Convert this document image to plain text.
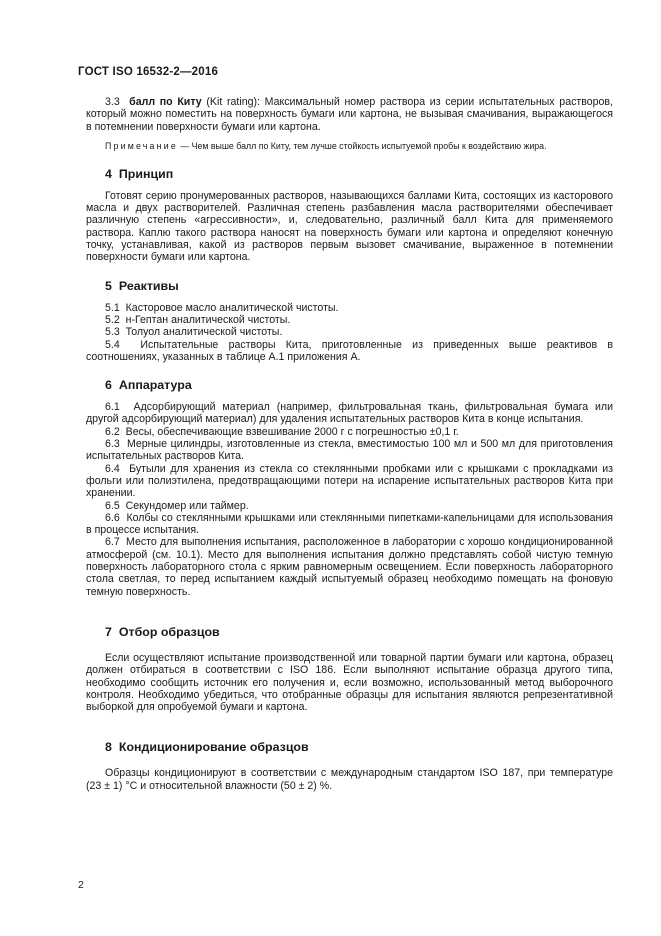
ГОСТ ISO 16532-2—2016

3.3 балл по Киту (Kit rating): Максимальный номер раствора из серии испытательных растворов, который можно поместить на поверхность бумаги или картона, не вызывая смачивания, выражающегося в потемнении поверхности бумаги или картона.

Примечание — Чем выше балл по Киту, тем лучше стойкость испытуемой пробы к воздействию жира.

4 Принцип

Готовят серию пронумерованных растворов, называющихся баллами Кита, состоящих из касторового масла и двух растворителей. Различная степень разбавления масла растворителями обеспечивает различную степень «агрессивности», и, следовательно, различный балл Кита для применяемого раствора. Каплю такого раствора наносят на поверхность бумаги или картона и определяют конечную точку, устанавливая, какой из растворов первым вызовет смачивание, выраженное в потемнении поверхности бумаги или картона.

5 Реактивы

5.1 Касторовое масло аналитической чистоты.

5.2 н-Гептан аналитической чистоты.

5.3 Толуол аналитической чистоты.

5.4 Испытательные растворы Кита, приготовленные из приведенных выше реактивов в соотношениях, указанных в таблице А.1 приложения А.

6 Аппаратура

6.1 Адсорбирующий материал (например, фильтровальная ткань, фильтровальная бумага или другой адсорбирующий материал) для удаления испытательных растворов Кита в конце испытания.

6.2 Весы, обеспечивающие взвешивание 2000 г с погрешностью ±0,1 г.

6.3 Мерные цилиндры, изготовленные из стекла, вместимостью 100 мл и 500 мл для приготовления испытательных растворов Кита.

6.4 Бутыли для хранения из стекла со стеклянными пробками или с крышками с прокладками из фольги или полиэтилена, предотвращающими потери на испарение испытательных растворов Кита при хранении.

6.5 Секундомер или таймер.

6.6 Колбы со стеклянными крышками или стеклянными пипетками-капельницами для использования в процессе испытания.

6.7 Место для выполнения испытания, расположенное в лаборатории с хорошо кондиционированной атмосферой (см. 10.1). Место для выполнения испытания должно представлять собой чистую темную поверхность лабораторного стола с ярким равномерным освещением. Если поверхность лабораторного стола светлая, то перед испытанием каждый испытуемый образец необходимо помещать на фоновую темную поверхность.

7 Отбор образцов

Если осуществляют испытание производственной или товарной партии бумаги или картона, образец должен отбираться в соответствии с ISO 186. Если выполняют испытание образца другого типа, необходимо сообщить источник его получения и, если возможно, использованный метод выборочного контроля. Необходимо убедиться, что отобранные образцы для испытания являются репрезентативной выборкой для опробуемой бумаги и картона.

8 Кондиционирование образцов

Образцы кондиционируют в соответствии с международным стандартом ISO 187, при температуре (23 ± 1) °С и относительной влажности (50 ± 2) %.

2
